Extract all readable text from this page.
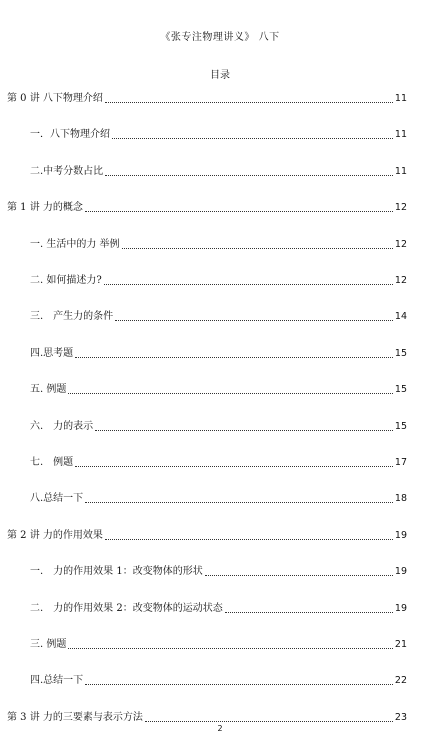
《张专注物理讲义》 八下
目录
第 0 讲 八下物理介绍	11
一．八下物理介绍	11
二.中考分数占比	11
第 1 讲 力的概念	12
一. 生活中的力 举例	12
二. 如何描述力?	12
三.　产生力的条件	14
四.思考题	15
五. 例题	15
六.　力的表示	15
七.　例题	17
八.总结一下	18
第 2 讲 力的作用效果	19
一.　力的作用效果 1：改变物体的形状	19
二.　力的作用效果 2：改变物体的运动状态	19
三. 例题	21
四.总结一下	22
第 3 讲 力的三要素与表示方法	23
2
